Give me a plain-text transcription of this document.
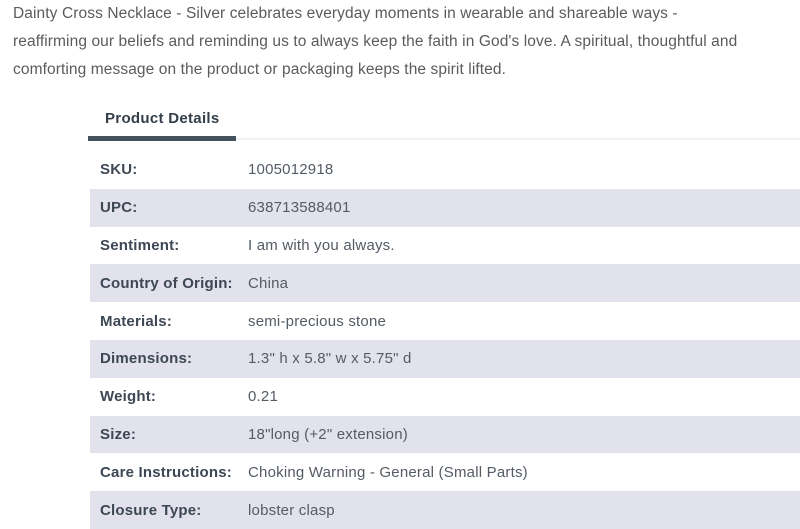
Dainty Cross Necklace - Silver celebrates everyday moments in wearable and shareable ways - reaffirming our beliefs and reminding us to always keep the faith in God's love. A spiritual, thoughtful and comforting message on the product or packaging keeps the spirit lifted.

Product Details
SKU:	1005012918
UPC:	638713588401
Sentiment:	I am with you always.
Country of Origin:	China
Materials:	semi-precious stone
Dimensions:	1.3" h x 5.8" w x 5.75" d
Weight:	0.21
Size:	18"long (+2" extension)
Care Instructions:	Choking Warning - General (Small Parts)
Closure Type:	lobster clasp
